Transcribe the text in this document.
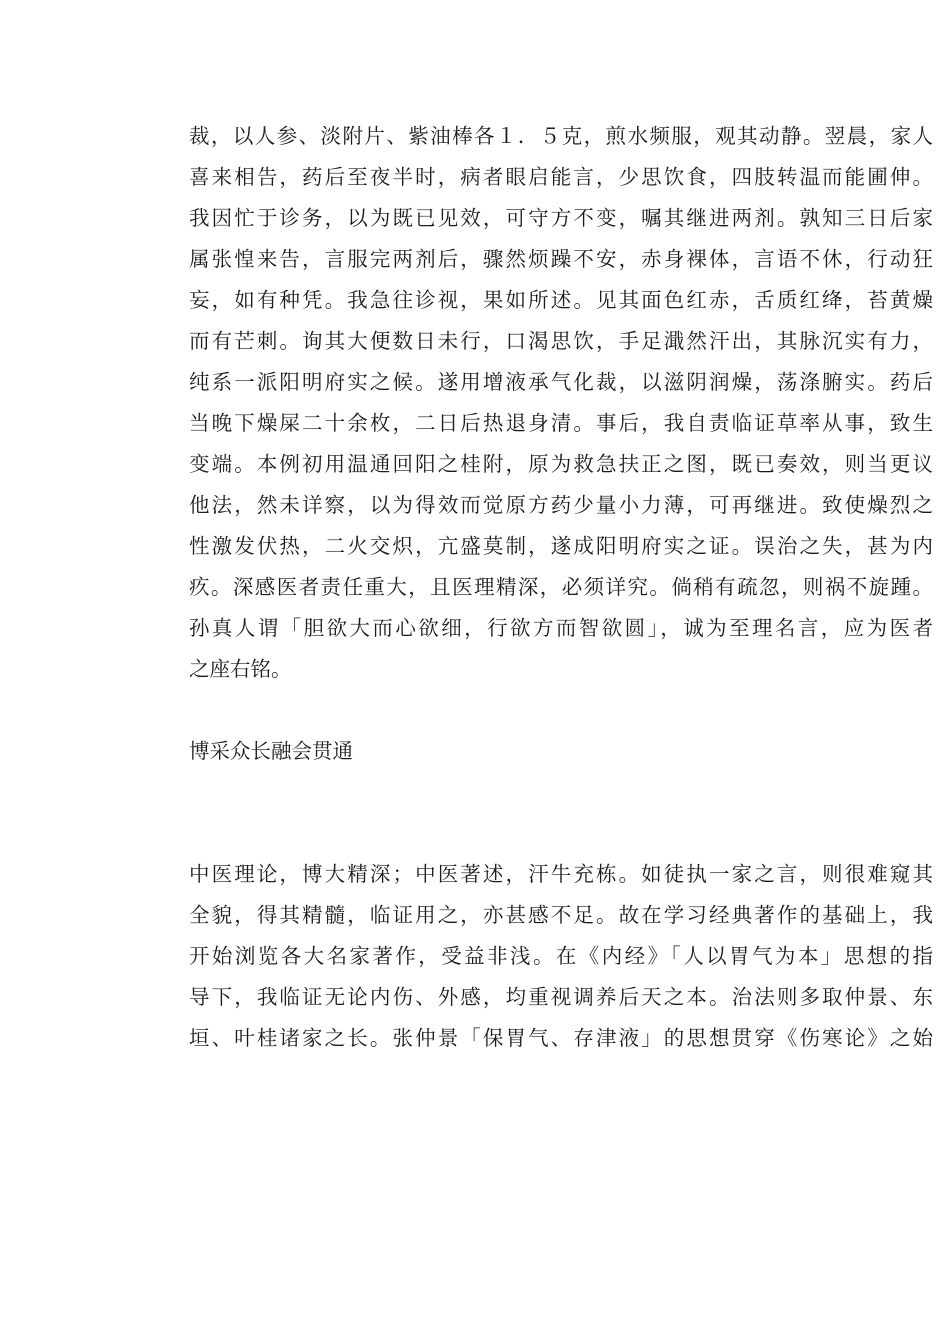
裁，以人参、淡附片、紫油棒各１．５克，煎水频服，观其动静。翌晨，家人
喜来相告，药后至夜半时，病者眼启能言，少思饮食，四肢转温而能圃伸。
我因忙于诊务，以为既已见效，可守方不变，嘱其继进两剂。孰知三日后家
属张惶来告，言服完两剂后，骤然烦躁不安，赤身裸体，言语不休，行动狂
妄，如有种凭。我急往诊视，果如所述。见其面色红赤，舌质红绛，苔黄燥
而有芒刺。询其大便数日未行，口渴思饮，手足濈然汗出，其脉沉实有力，
纯系一派阳明府实之候。遂用增液承气化裁，以滋阴润燥，荡涤腑实。药后
当晚下燥屎二十余枚，二日后热退身清。事后，我自责临证草率从事，致生
变端。本例初用温通回阳之桂附，原为救急扶正之图，既已奏效，则当更议
他法，然未详察，以为得效而觉原方药少量小力薄，可再继进。致使燥烈之
性激发伏热，二火交炽，亢盛莫制，遂成阳明府实之证。误治之失，甚为内
疚。深感医者责任重大，且医理精深，必须详究。倘稍有疏忽，则祸不旋踵。
孙真人谓「胆欲大而心欲细，行欲方而智欲圆」，诚为至理名言，应为医者
之座右铭。
博采众长融会贯通
中医理论，博大精深；中医著述，汗牛充栋。如徒执一家之言，则很难窥其
全貌，得其精髓，临证用之，亦甚感不足。故在学习经典著作的基础上，我
开始浏览各大名家著作，受益非浅。在《内经》「人以胃气为本」思想的指
导下，我临证无论内伤、外感，均重视调养后天之本。治法则多取仲景、东
垣、叶桂诸家之长。张仲景「保胃气、存津液」的思想贯穿《伤寒论》之始
